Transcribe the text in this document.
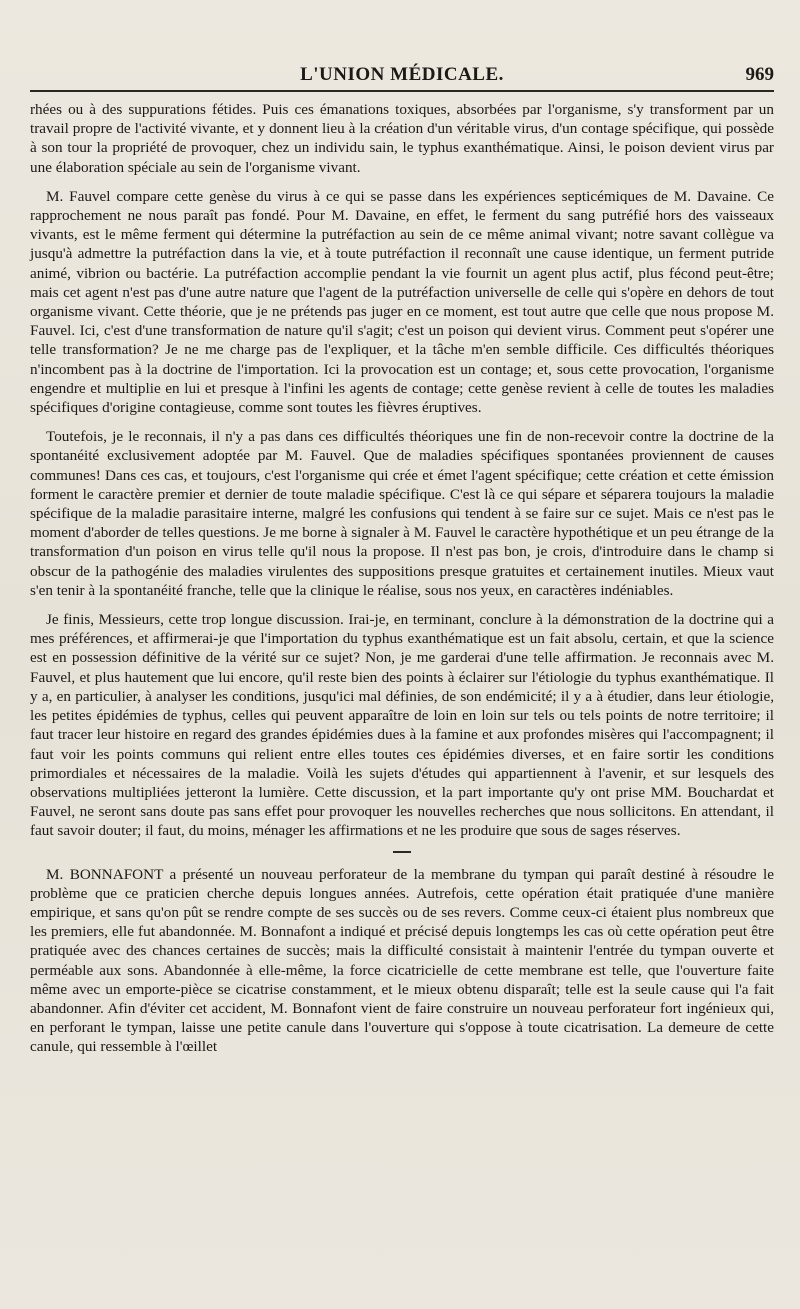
L'UNION MÉDICALE.	969

rhées ou à des suppurations fétides. Puis ces émanations toxiques, absorbées par l'organisme, s'y transforment par un travail propre de l'activité vivante, et y donnent lieu à la création d'un véritable virus, d'un contage spécifique, qui possède à son tour la propriété de provoquer, chez un individu sain, le typhus exanthématique. Ainsi, le poison devient virus par une élaboration spéciale au sein de l'organisme vivant.

M. Fauvel compare cette genèse du virus à ce qui se passe dans les expériences septicémiques de M. Davaine. Ce rapprochement ne nous paraît pas fondé. Pour M. Davaine, en effet, le ferment du sang putréfié hors des vaisseaux vivants, est le même ferment qui détermine la putréfaction au sein de ce même animal vivant; notre savant collègue va jusqu'à admettre la putréfaction dans la vie, et à toute putréfaction il reconnaît une cause identique, un ferment putride animé, vibrion ou bactérie. La putréfaction accomplie pendant la vie fournit un agent plus actif, plus fécond peut-être; mais cet agent n'est pas d'une autre nature que l'agent de la putréfaction universelle de celle qui s'opère en dehors de tout organisme vivant. Cette théorie, que je ne prétends pas juger en ce moment, est tout autre que celle que nous propose M. Fauvel. Ici, c'est d'une transformation de nature qu'il s'agit; c'est un poison qui devient virus. Comment peut s'opérer une telle transformation? Je ne me charge pas de l'expliquer, et la tâche m'en semble difficile. Ces difficultés théoriques n'incombent pas à la doctrine de l'importation. Ici la provocation est un contage; et, sous cette provocation, l'organisme engendre et multiplie en lui et presque à l'infini les agents de contage; cette genèse revient à celle de toutes les maladies spécifiques d'origine contagieuse, comme sont toutes les fièvres éruptives.

Toutefois, je le reconnais, il n'y a pas dans ces difficultés théoriques une fin de non-recevoir contre la doctrine de la spontanéité exclusivement adoptée par M. Fauvel. Que de maladies spécifiques spontanées proviennent de causes communes! Dans ces cas, et toujours, c'est l'organisme qui crée et émet l'agent spécifique; cette création et cette émission forment le caractère premier et dernier de toute maladie spécifique. C'est là ce qui sépare et séparera toujours la maladie spécifique de la maladie parasitaire interne, malgré les confusions qui tendent à se faire sur ce sujet. Mais ce n'est pas le moment d'aborder de telles questions. Je me borne à signaler à M. Fauvel le caractère hypothétique et un peu étrange de la transformation d'un poison en virus telle qu'il nous la propose. Il n'est pas bon, je crois, d'introduire dans le champ si obscur de la pathogénie des maladies virulentes des suppositions presque gratuites et certainement inutiles. Mieux vaut s'en tenir à la spontanéité franche, telle que la clinique le réalise, sous nos yeux, en caractères indéniables.

Je finis, Messieurs, cette trop longue discussion. Irai-je, en terminant, conclure à la démonstration de la doctrine qui a mes préférences, et affirmerai-je que l'importation du typhus exanthématique est un fait absolu, certain, et que la science est en possession définitive de la vérité sur ce sujet? Non, je me garderai d'une telle affirmation. Je reconnais avec M. Fauvel, et plus hautement que lui encore, qu'il reste bien des points à éclairer sur l'étiologie du typhus exanthématique. Il y a, en particulier, à analyser les conditions, jusqu'ici mal définies, de son endémicité; il y a à étudier, dans leur étiologie, les petites épidémies de typhus, celles qui peuvent apparaître de loin en loin sur tels ou tels points de notre territoire; il faut tracer leur histoire en regard des grandes épidémies dues à la famine et aux profondes misères qui l'accompagnent; il faut voir les points communs qui relient entre elles toutes ces épidémies diverses, et en faire sortir les conditions primordiales et nécessaires de la maladie. Voilà les sujets d'études qui appartiennent à l'avenir, et sur lesquels des observations multipliées jetteront la lumière. Cette discussion, et la part importante qu'y ont prise MM. Bouchardat et Fauvel, ne seront sans doute pas sans effet pour provoquer les nouvelles recherches que nous sollicitons. En attendant, il faut savoir douter; il faut, du moins, ménager les affirmations et ne les produire que sous de sages réserves.

M. BONNAFONT a présenté un nouveau perforateur de la membrane du tympan qui paraît destiné à résoudre le problème que ce praticien cherche depuis longues années. Autrefois, cette opération était pratiquée d'une manière empirique, et sans qu'on pût se rendre compte de ses succès ou de ses revers. Comme ceux-ci étaient plus nombreux que les premiers, elle fut abandonnée. M. Bonnafont a indiqué et précisé depuis longtemps les cas où cette opération peut être pratiquée avec des chances certaines de succès; mais la difficulté consistait à maintenir l'entrée du tympan ouverte et perméable aux sons. Abandonnée à elle-même, la force cicatricielle de cette membrane est telle, que l'ouverture faite même avec un emporte-pièce se cicatrise constamment, et le mieux obtenu disparaît; telle est la seule cause qui l'a fait abandonner. Afin d'éviter cet accident, M. Bonnafont vient de faire construire un nouveau perforateur fort ingénieux qui, en perforant le tympan, laisse une petite canule dans l'ouverture qui s'oppose à toute cicatrisation. La demeure de cette canule, qui ressemble à l'œillet
